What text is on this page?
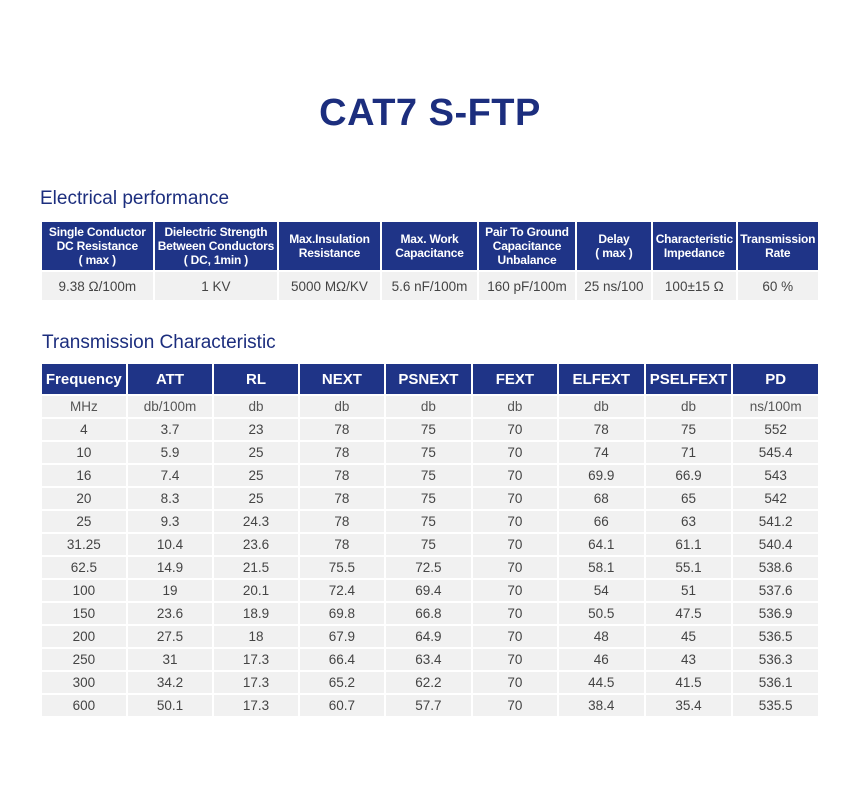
CAT7 S-FTP
Electrical performance
Single Conductor
DC Resistance
( max )	Dielectric Strength
Between Conductors
( DC, 1min )	Max.Insulation
Resistance	Max. Work
Capacitance	Pair To Ground
Capacitance
Unbalance	Delay
( max )	Characteristic
Impedance	Transmission
Rate
9.38 Ω/100m	1 KV	5000 MΩ/KV	5.6 nF/100m	160 pF/100m	25 ns/100	100±15 Ω	60 %
Transmission Characteristic
Frequency	ATT	RL	NEXT	PSNEXT	FEXT	ELFEXT	PSELFEXT	PD
MHz	db/100m	db	db	db	db	db	db	ns/100m
4	3.7	23	78	75	70	78	75	552
10	5.9	25	78	75	70	74	71	545.4
16	7.4	25	78	75	70	69.9	66.9	543
20	8.3	25	78	75	70	68	65	542
25	9.3	24.3	78	75	70	66	63	541.2
31.25	10.4	23.6	78	75	70	64.1	61.1	540.4
62.5	14.9	21.5	75.5	72.5	70	58.1	55.1	538.6
100	19	20.1	72.4	69.4	70	54	51	537.6
150	23.6	18.9	69.8	66.8	70	50.5	47.5	536.9
200	27.5	18	67.9	64.9	70	48	45	536.5
250	31	17.3	66.4	63.4	70	46	43	536.3
300	34.2	17.3	65.2	62.2	70	44.5	41.5	536.1
600	50.1	17.3	60.7	57.7	70	38.4	35.4	535.5
